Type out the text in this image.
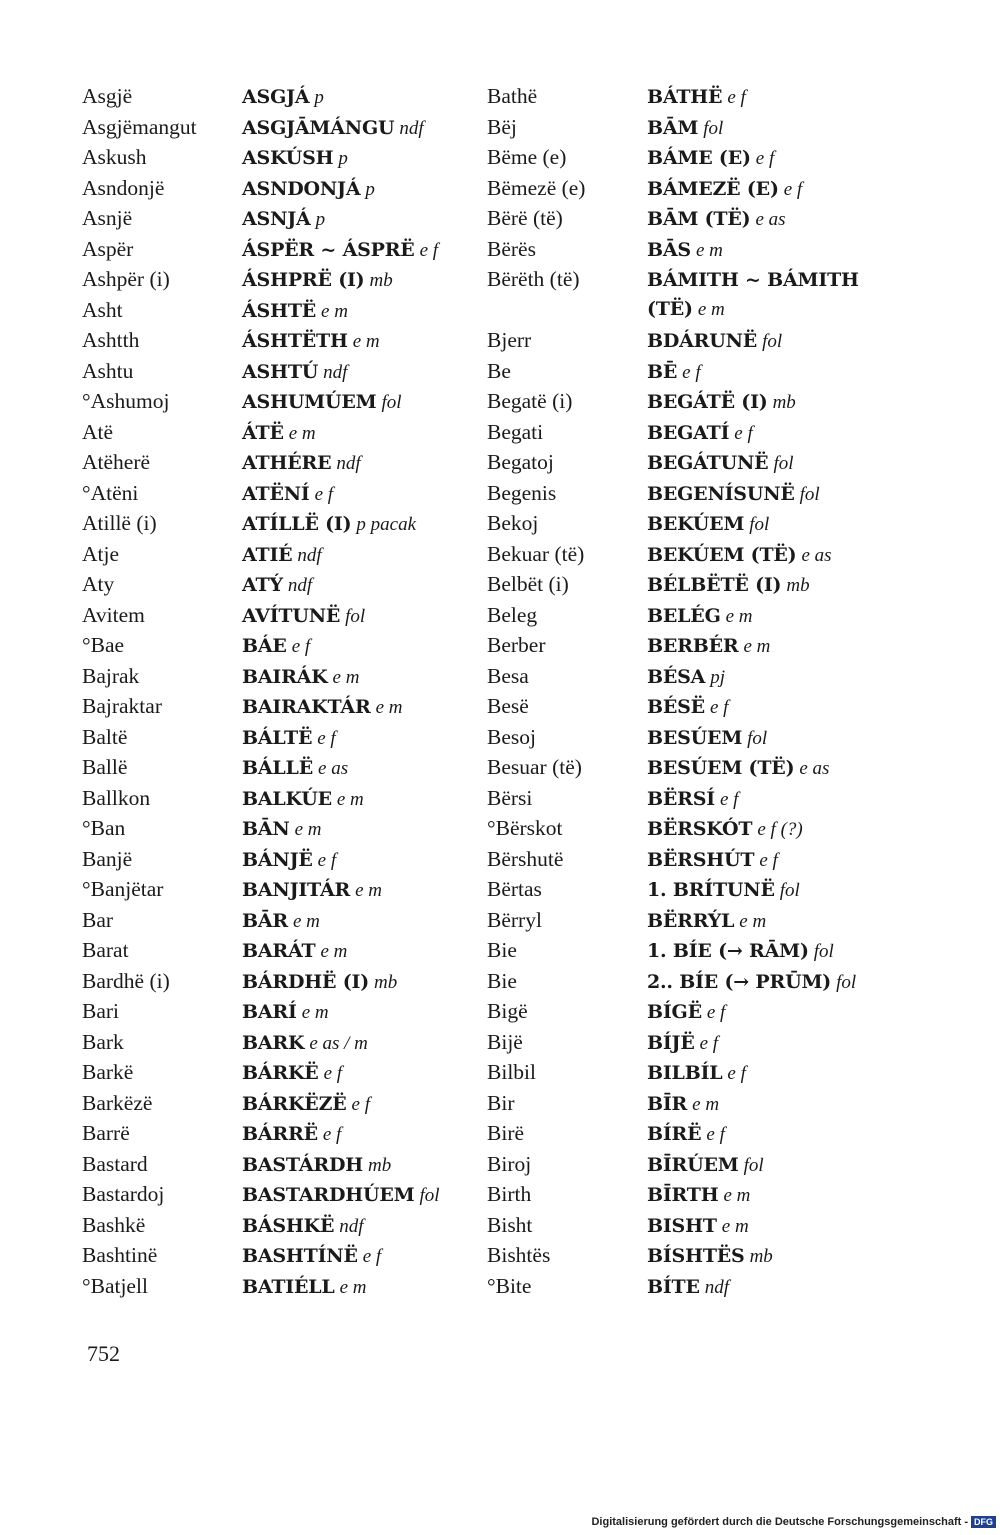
Asgjë	ASGJÁ p
Asgjëmangut	ASGJĀMÁNGU ndf
Askush	ASKÚSH p
Asndonjë	ASNDONJÁ p
Asnjë	ASNJÁ p
Aspër	ÁSPËR ~ ÁSPRË e f
Ashpër (i)	ÁSHPRË (I) mb
Asht	ÁSHTË e m
Ashtth	ÁSHTËTH e m
Ashtu	ASHTÚ ndf
°Ashumoj	ASHUMÚEM fol
Atë	ÁTË e m
Atëherë	ATHÉRE ndf
°Atëni	ATËNÍ e f
Atillë (i)	ATÍLLË (I) p pacak
Atje	ATIÉ ndf
Aty	ATÝ ndf
Avitem	AVÍTUNË fol
°Bae	BÁE e f
Bajrak	BAIRÁK e m
Bajraktar	BAIRAKTÁR e m
Baltë	BÁLTË e f
Ballë	BÁLLË e as
Ballkon	BALKÚE e m
°Ban	BĀN e m
Banjë	BÁNJË e f
°Banjëtar	BANJITÁR e m
Bar	BĀR e m
Barat	BARÁT e m
Bardhë (i)	BÁRDHË (I) mb
Bari	BARÍ e m
Bark	BARK e as / m
Barkë	BÁRKË e f
Barkëzë	BÁRKËZË e f
Barrë	BÁRRË e f
Bastard	BASTÁRDH mb
Bastardoj	BASTARDHÚEM fol
Bashkë	BÁSHKË ndf
Bashtinë	BASHTÍNË e f
°Batjell	BATIÉLL e m
Bathë	BÁTHË e f
Bëj	BĀM fol
Bëme (e)	BÁME (E) e f
Bëmezë (e)	BÁMEZË (E) e f
Bërë (të)	BĀM (TË) e as
Bërës	BĀS e m
Bërëth (të)	BÁMITH ~ BÁMITH
(TË) e m
Bjerr	BDÁRUNË fol
Be	BĒ e f
Begatë (i)	BEGÁTË (I) mb
Begati	BEGATÍ e f
Begatoj	BEGÁTUNË fol
Begenis	BEGENÍSUNË fol
Bekoj	BEKÚEM fol
Bekuar (të)	BEKÚEM (TË) e as
Belbët (i)	BÉLBËTË (I) mb
Beleg	BELÉG e m
Berber	BERBÉR e m
Besa	BÉSA pj
Besë	BÉSË e f
Besoj	BESÚEM fol
Besuar (të)	BESÚEM (TË) e as
Bërsi	BËRSÍ e f
°Bërskot	BËRSKÓT e f (?)
Bërshutë	BËRSHÚT e f
Bërtas	1. BRÍTUNË fol
Bërryl	BËRRÝL e m
Bie	1. BÍE (→ RĀM) fol
Bie	2.. BÍE (→ PRŪM) fol
Bigë	BÍGË e f
Bijë	BÍJË e f
Bilbil	BILBÍL e f
Bir	BĪR e m
Birë	BÍRË e f
Biroj	BĪRÚEM fol
Birth	BĪRTH e m
Bisht	BISHT e m
Bishtës	BÍSHTËS mb
°Bite	BÍTE ndf
752
Digitalisierung gefördert durch die Deutsche Forschungsgemeinschaft - DFG
